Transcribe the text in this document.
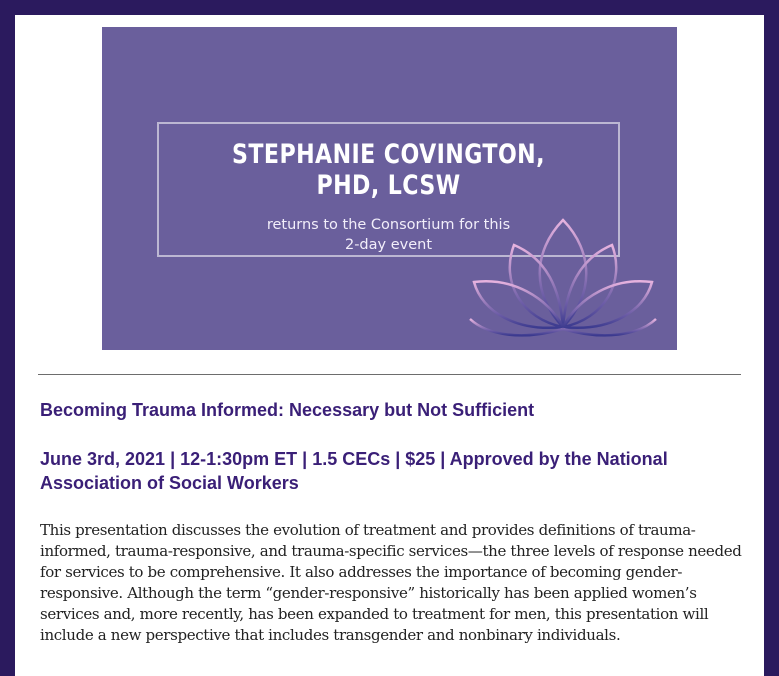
STEPHANIE COVINGTON,
PHD, LCSW
returns to the Consortium for this
2-day event
Becoming Trauma Informed: Necessary but Not Sufficient

June 3rd, 2021 | 12-1:30pm ET | 1.5 CECs | $25 | Approved by the National Association of Social Workers

This presentation discusses the evolution of treatment and provides definitions of trauma-informed, trauma-responsive, and trauma-specific services—the three levels of response needed for services to be comprehensive. It also addresses the importance of becoming gender-responsive. Although the term “gender-responsive” historically has been applied women’s services and, more recently, has been expanded to treatment for men, this presentation will include a new perspective that includes transgender and nonbinary individuals.
